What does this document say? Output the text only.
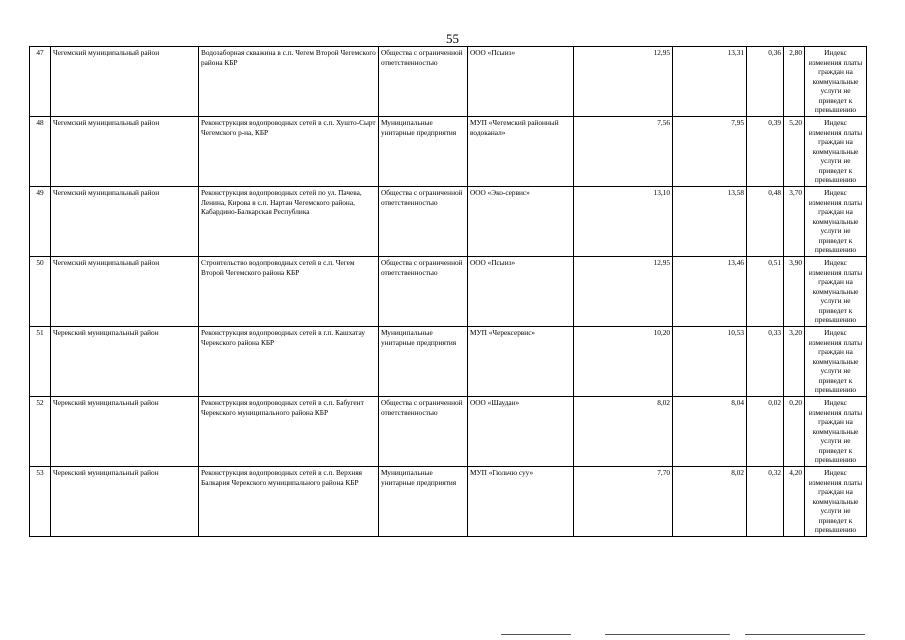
55
47	Чегемский муниципальный район	Водозаборная скважина в с.п. Чегем Второй Чегемского района КБР	Общества с ограниченной ответственностью	ООО «Псыиз»	12,95	13,31	0,36	2,80	Индекс изменения платы граждан на коммунальные услуги не приведет к превышению
48	Чегемский муниципальный район	Реконструкция водопроводных сетей в с.п. Хушто-Сырт Чегемского р-на, КБР	Муниципальные унитарные предприятия	МУП «Чегемский районный водоканал»	7,56	7,95	0,39	5,20	Индекс изменения платы граждан на коммунальные услуги не приведет к превышению
49	Чегемский муниципальный район	Реконструкция водопроводных сетей по ул. Пачева, Ленина, Кирова в с.п. Нартан Чегемского района, Кабардино-Балкарская Республика	Общества с ограниченной ответственностью	ООО «Эко-сервис»	13,10	13,58	0,48	3,70	Индекс изменения платы граждан на коммунальные услуги не приведет к превышению
50	Чегемский муниципальный район	Строительство водопроводных сетей в с.п. Чегем Второй Чегемского района КБР	Общества с ограниченной ответственностью	ООО «Псыиз»	12,95	13,46	0,51	3,90	Индекс изменения платы граждан на коммунальные услуги не приведет к превышению
51	Черекский муниципальный район	Реконструкция водопроводных сетей в г.п. Кашхатау Черекского района КБР	Муниципальные унитарные предприятия	МУП «Черексервис»	10,20	10,53	0,33	3,20	Индекс изменения платы граждан на коммунальные услуги не приведет к превышению
52	Черекский муниципальный район	Реконструкция водопроводных сетей в с.п. Бабугент Черекского муниципального района КБР	Общества с ограниченной ответственностью	ООО «Шаудан»	8,02	8,04	0,02	0,20	Индекс изменения платы граждан на коммунальные услуги не приведет к превышению
53	Черекский муниципальный район	Реконструкция водопроводных сетей в с.п. Верхняя Балкария Черекского муниципального района КБР	Муниципальные унитарные предприятия	МУП «Гюльчю суу»	7,70	8,02	0,32	4,20	Индекс изменения платы граждан на коммунальные услуги не приведет к превышению
